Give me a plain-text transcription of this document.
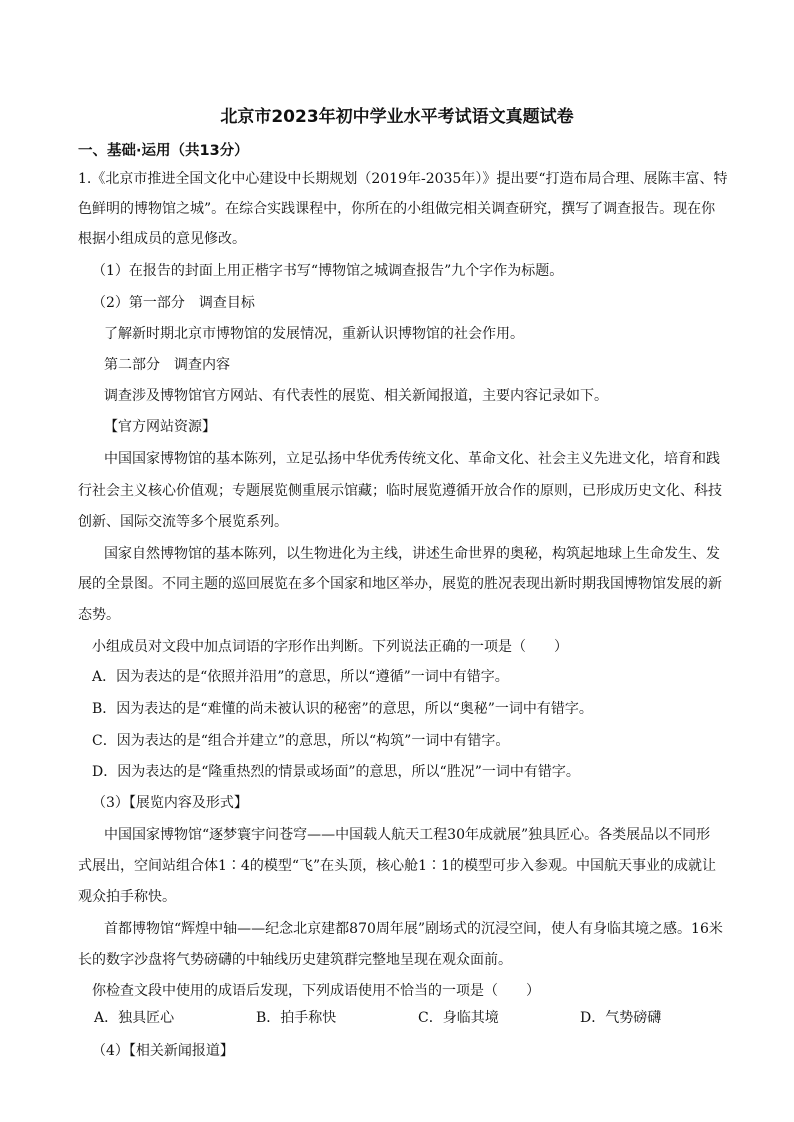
北京市2023年初中学业水平考试语文真题试卷
一、基础·运用（共13分）
1.《北京市推进全国文化中心建设中长期规划（2019年-2035年）》提出要“打造布局合理、展陈丰富、特
色鲜明的博物馆之城”。在综合实践课程中，你所在的小组做完相关调查研究，撰写了调查报告。现在你
根据小组成员的意见修改。
（1）在报告的封面上用正楷字书写“博物馆之城调查报告”九个字作为标题。
（2）第一部分　调查目标
了解新时期北京市博物馆的发展情况，重新认识博物馆的社会作用。
第二部分　调查内容
调查涉及博物馆官方网站、有代表性的展览、相关新闻报道，主要内容记录如下。
【官方网站资源】
中国国家博物馆的基本陈列，立足弘扬中华优秀传统文化、革命文化、社会主义先进文化，培育和践
行社会主义核心价值观；专题展览侧重展示馆藏；临时展览遵循开放合作的原则，已形成历史文化、科技
创新、国际交流等多个展览系列。
国家自然博物馆的基本陈列，以生物进化为主线，讲述生命世界的奥秘，构筑起地球上生命发生、发
展的全景图。不同主题的巡回展览在多个国家和地区举办，展览的胜况表现出新时期我国博物馆发展的新
态势。
小组成员对文段中加点词语的字形作出判断。下列说法正确的一项是（　　）
A．因为表达的是“依照并沿用”的意思，所以“遵循”一词中有错字。
B．因为表达的是“难懂的尚未被认识的秘密”的意思，所以“奥秘”一词中有错字。
C．因为表达的是“组合并建立”的意思，所以“构筑”一词中有错字。
D．因为表达的是“隆重热烈的情景或场面”的意思，所以“胜况”一词中有错字。
（3）【展览内容及形式】
中国国家博物馆“逐梦寰宇问苍穹——中国载人航天工程30年成就展”独具匠心。各类展品以不同形
式展出，空间站组合体1∶4的模型“飞”在头顶，核心舱1∶1的模型可步入参观。中国航天事业的成就让
观众拍手称快。
首都博物馆“辉煌中轴——纪念北京建都870周年展”剧场式的沉浸空间，使人有身临其境之感。16米
长的数字沙盘将气势磅礴的中轴线历史建筑群完整地呈现在观众面前。
你检查文段中使用的成语后发现，下列成语使用不恰当的一项是（　　）
A．独具匠心	B．拍手称快	C．身临其境	D．气势磅礴
（4）【相关新闻报道】
